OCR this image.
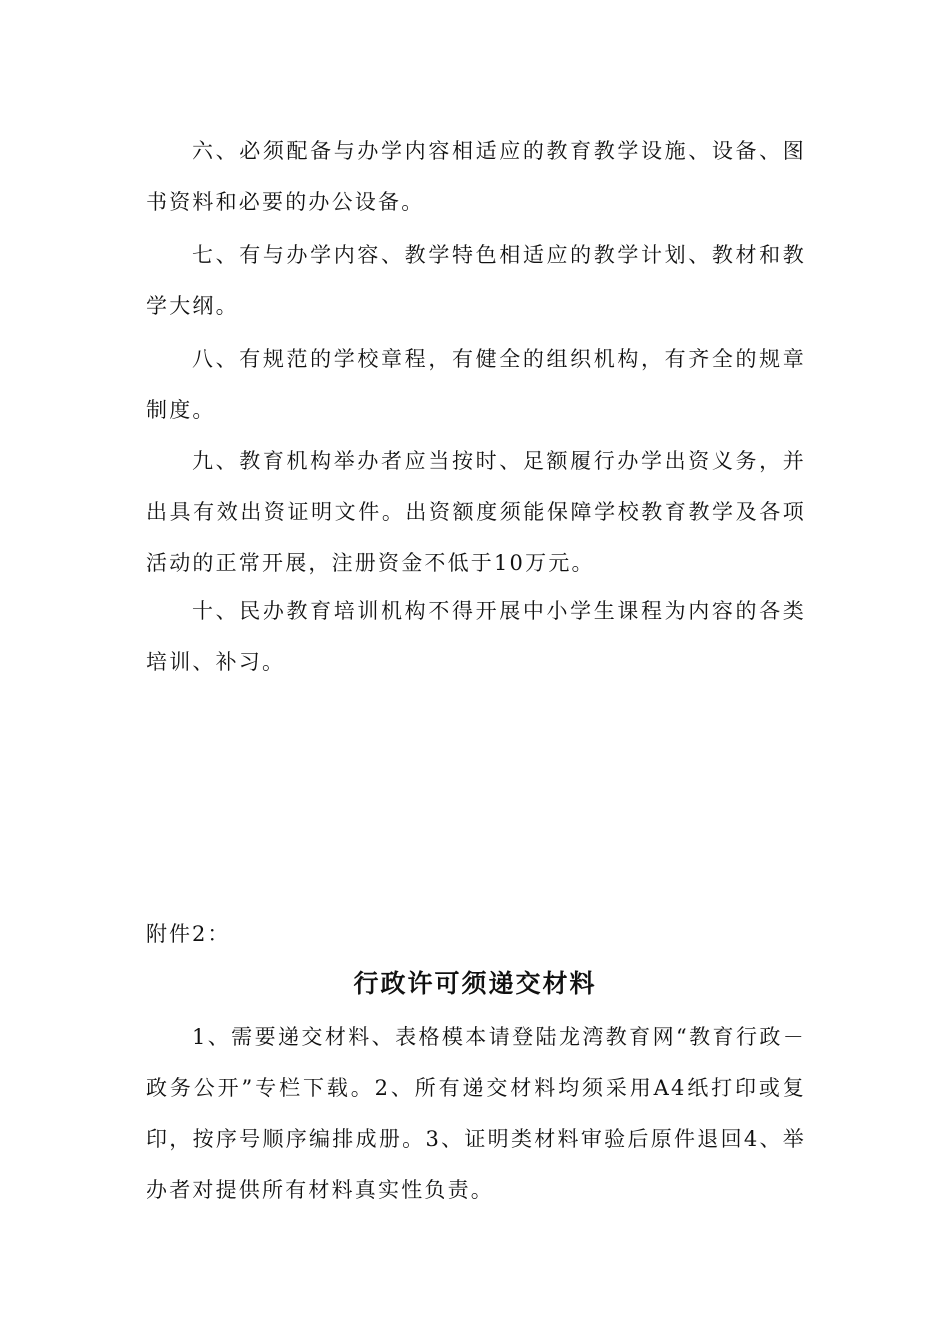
六、必须配备与办学内容相适应的教育教学设施、设备、图书资料和必要的办公设备。

七、有与办学内容、教学特色相适应的教学计划、教材和教学大纲。

八、有规范的学校章程，有健全的组织机构，有齐全的规章制度。

九、教育机构举办者应当按时、足额履行办学出资义务，并出具有效出资证明文件。出资额度须能保障学校教育教学及各项活动的正常开展，注册资金不低于10万元。

十、民办教育培训机构不得开展中小学生课程为内容的各类培训、补习。

附件2：

行政许可须递交材料

1、需要递交材料、表格模本请登陆龙湾教育网“教育行政－政务公开”专栏下载。2、所有递交材料均须采用A4纸打印或复印，按序号顺序编排成册。3、证明类材料审验后原件退回4、举办者对提供所有材料真实性负责。
